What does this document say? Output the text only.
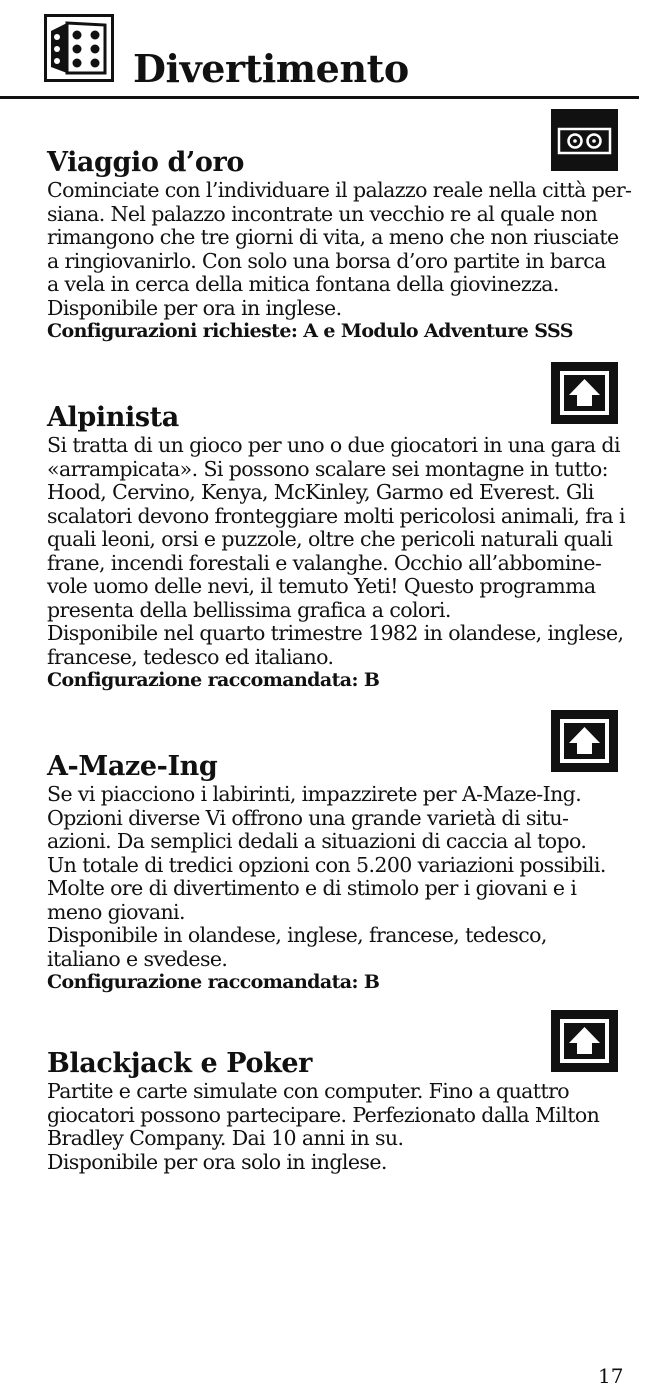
Divertimento
Viaggio d’oro
Cominciate con l’individuare il palazzo reale nella città per-
siana. Nel palazzo incontrate un vecchio re al quale non
rimangono che tre giorni di vita, a meno che non riusciate
a ringiovanirlo. Con solo una borsa d’oro partite in barca
a vela in cerca della mitica fontana della giovinezza.
Disponibile per ora in inglese.
Configurazioni richieste: A e Modulo Adventure SSS
Alpinista
Si tratta di un gioco per uno o due giocatori in una gara di
«arrampicata». Si possono scalare sei montagne in tutto:
Hood, Cervino, Kenya, McKinley, Garmo ed Everest. Gli
scalatori devono fronteggiare molti pericolosi animali, fra i
quali leoni, orsi e puzzole, oltre che pericoli naturali quali
frane, incendi forestali e valanghe. Occhio all’abbomine-
vole uomo delle nevi, il temuto Yeti! Questo programma
presenta della bellissima grafica a colori.
Disponibile nel quarto trimestre 1982 in olandese, inglese,
francese, tedesco ed italiano.
Configurazione raccomandata: B
A-Maze-Ing
Se vi piacciono i labirinti, impazzirete per A-Maze-Ing.
Opzioni diverse Vi offrono una grande varietà di situ-
azioni. Da semplici dedali a situazioni di caccia al topo.
Un totale di tredici opzioni con 5.200 variazioni possibili.
Molte ore di divertimento e di stimolo per i giovani e i
meno giovani.
Disponibile in olandese, inglese, francese, tedesco,
italiano e svedese.
Configurazione raccomandata: B
Blackjack e Poker
Partite e carte simulate con computer. Fino a quattro
giocatori possono partecipare. Perfezionato dalla Milton
Bradley Company. Dai 10 anni in su.
Disponibile per ora solo in inglese.
17
